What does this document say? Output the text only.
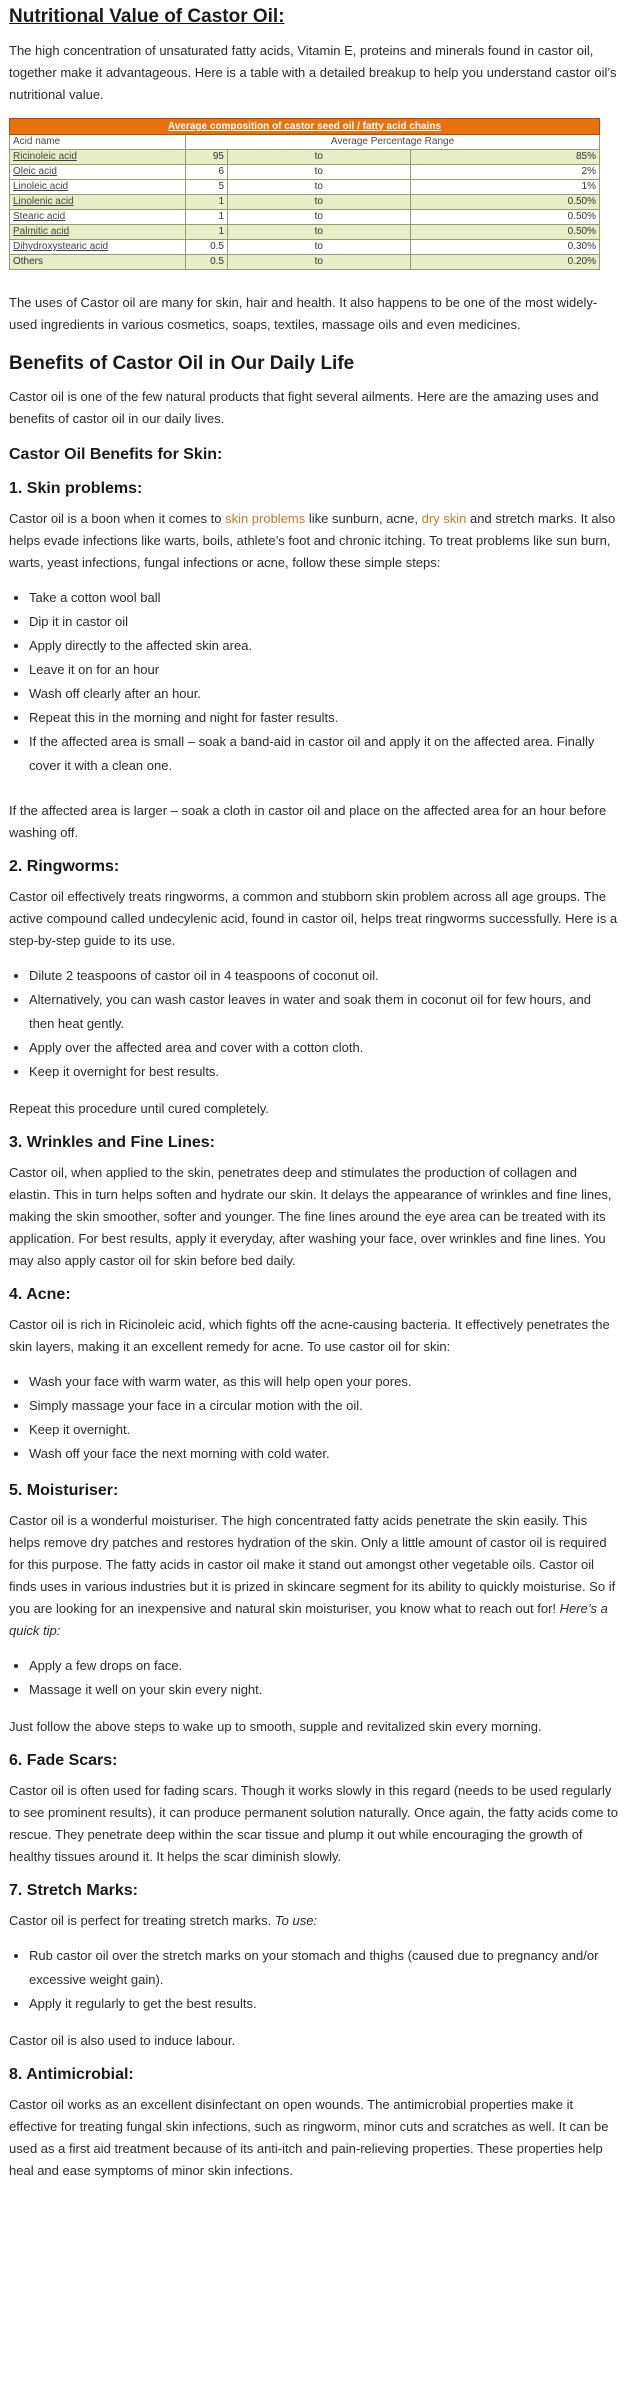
Nutritional Value of Castor Oil:

The high concentration of unsaturated fatty acids, Vitamin E, proteins and minerals found in castor oil, together make it advantageous. Here is a table with a detailed breakup to help you understand castor oil’s nutritional value.

Average composition of castor seed oil / fatty acid chains			
Acid name	Average Percentage Range		
Ricinoleic acid	95	to	85%
Oleic acid	6	to	2%
Linoleic acid	5	to	1%
Linolenic acid	1	to	0.50%
Stearic acid	1	to	0.50%
Palmitic acid	1	to	0.50%
Dihydroxystearic acid	0.5	to	0.30%
Others	0.5	to	0.20%

The uses of Castor oil are many for skin, hair and health. It also happens to be one of the most widely-used ingredients in various cosmetics, soaps, textiles, massage oils and even medicines.

Benefits of Castor Oil in Our Daily Life

Castor oil is one of the few natural products that fight several ailments. Here are the amazing uses and benefits of castor oil in our daily lives.

Castor Oil Benefits for Skin:
1. Skin problems:

Castor oil is a boon when it comes to skin problems like sunburn, acne, dry skin and stretch marks. It also helps evade infections like warts, boils, athlete’s foot and chronic itching. To treat problems like sun burn, warts, yeast infections, fungal infections or acne, follow these simple steps:

• Take a cotton wool ball
• Dip it in castor oil
• Apply directly to the affected skin area.
• Leave it on for an hour
• Wash off clearly after an hour.
• Repeat this in the morning and night for faster results.
• If the affected area is small – soak a band-aid in castor oil and apply it on the affected area. Finally cover it with a clean one.

If the affected area is larger – soak a cloth in castor oil and place on the affected area for an hour before washing off.

2. Ringworms:

Castor oil effectively treats ringworms, a common and stubborn skin problem across all age groups. The active compound called undecylenic acid, found in castor oil, helps treat ringworms successfully. Here is a step-by-step guide to its use.

• Dilute 2 teaspoons of castor oil in 4 teaspoons of coconut oil.
• Alternatively, you can wash castor leaves in water and soak them in coconut oil for few hours, and then heat gently.
• Apply over the affected area and cover with a cotton cloth.
• Keep it overnight for best results.

Repeat this procedure until cured completely.

3. Wrinkles and Fine Lines:

Castor oil, when applied to the skin, penetrates deep and stimulates the production of collagen and elastin. This in turn helps soften and hydrate our skin. It delays the appearance of wrinkles and fine lines, making the skin smoother, softer and younger. The fine lines around the eye area can be treated with its application. For best results, apply it everyday, after washing your face, over wrinkles and fine lines. You may also apply castor oil for skin before bed daily.

4. Acne:

Castor oil is rich in Ricinoleic acid, which fights off the acne-causing bacteria. It effectively penetrates the skin layers, making it an excellent remedy for acne. To use castor oil for skin:

• Wash your face with warm water, as this will help open your pores.
• Simply massage your face in a circular motion with the oil.
• Keep it overnight.
• Wash off your face the next morning with cold water.
5. Moisturiser:

Castor oil is a wonderful moisturiser. The high concentrated fatty acids penetrate the skin easily. This helps remove dry patches and restores hydration of the skin. Only a little amount of castor oil is required for this purpose. The fatty acids in castor oil make it stand out amongst other vegetable oils. Castor oil finds uses in various industries but it is prized in skincare segment for its ability to quickly moisturise. So if you are looking for an inexpensive and natural skin moisturiser, you know what to reach out for! Here’s a quick tip:

• Apply a few drops on face.
• Massage it well on your skin every night.

Just follow the above steps to wake up to smooth, supple and revitalized skin every morning.

6. Fade Scars:

Castor oil is often used for fading scars. Though it works slowly in this regard (needs to be used regularly to see prominent results), it can produce permanent solution naturally. Once again, the fatty acids come to rescue. They penetrate deep within the scar tissue and plump it out while encouraging the growth of healthy tissues around it. It helps the scar diminish slowly.

7. Stretch Marks:

Castor oil is perfect for treating stretch marks. To use:

• Rub castor oil over the stretch marks on your stomach and thighs (caused due to pregnancy and/or excessive weight gain).
• Apply it regularly to get the best results.

Castor oil is also used to induce labour.

8. Antimicrobial:

Castor oil works as an excellent disinfectant on open wounds. The antimicrobial properties make it effective for treating fungal skin infections, such as ringworm, minor cuts and scratches as well. It can be used as a first aid treatment because of its anti-itch and pain-relieving properties. These properties help heal and ease symptoms of minor skin infections.
